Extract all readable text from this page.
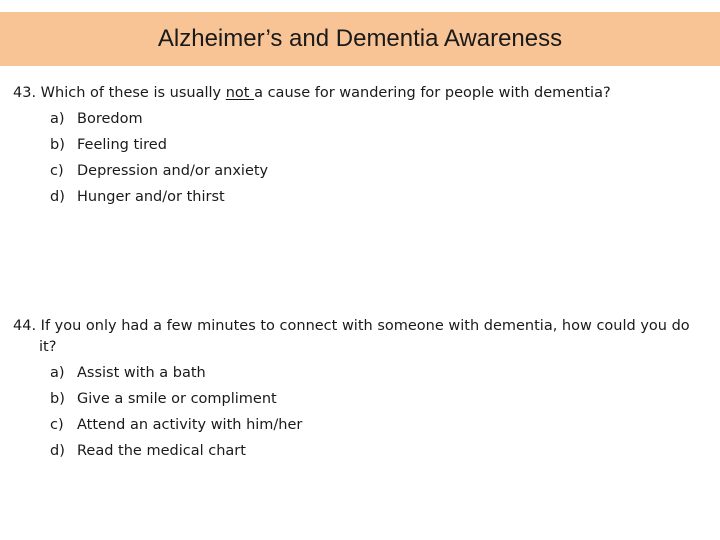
Alzheimer’s and Dementia Awareness
43. Which of these is usually not a cause for wandering for people with dementia?
a) Boredom
b) Feeling tired
c) Depression and/or anxiety
d) Hunger and/or thirst
44. If you only had a few minutes to connect with someone with dementia, how could you do
it?
a) Assist with a bath
b) Give a smile or compliment
c) Attend an activity with him/her
d) Read the medical chart
